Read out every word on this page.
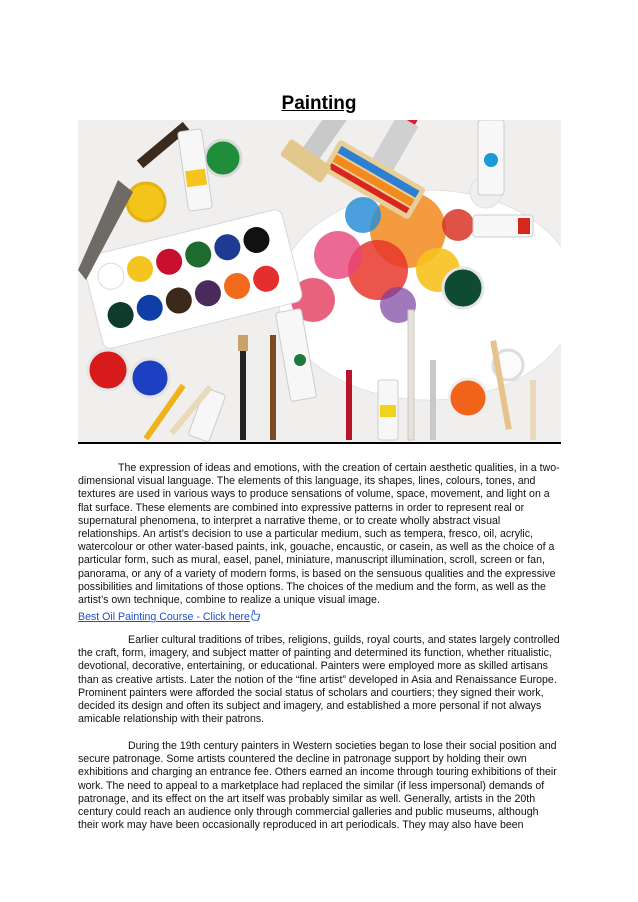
Painting

The expression of ideas and emotions, with the creation of certain aesthetic qualities, in a two-dimensional visual language. The elements of this language, its shapes, lines, colours, tones, and textures are used in various ways to produce sensations of volume, space, movement, and light on a flat surface. These elements are combined into expressive patterns in order to represent real or supernatural phenomena, to interpret a narrative theme, or to create wholly abstract visual relationships. An artist’s decision to use a particular medium, such as tempera, fresco, oil, acrylic, watercolour or other water-based paints, ink, gouache, encaustic, or casein, as well as the choice of a particular form, such as mural, easel, panel, miniature, manuscript illumination, scroll, screen or fan, panorama, or any of a variety of modern forms, is based on the sensuous qualities and the expressive possibilities and limitations of those options. The choices of the medium and the form, as well as the artist’s own technique, combine to realize a unique visual image.

Best Oil Painting Course - Click here

Earlier cultural traditions of tribes, religions, guilds, royal courts, and states largely controlled the craft, form, imagery, and subject matter of painting and determined its function, whether ritualistic, devotional, decorative, entertaining, or educational. Painters were employed more as skilled artisans than as creative artists. Later the notion of the “fine artist” developed in Asia and Renaissance Europe. Prominent painters were afforded the social status of scholars and courtiers; they signed their work, decided its design and often its subject and imagery, and established a more personal if not always amicable relationship with their patrons.

During the 19th century painters in Western societies began to lose their social position and secure patronage. Some artists countered the decline in patronage support by holding their own exhibitions and charging an entrance fee. Others earned an income through touring exhibitions of their work. The need to appeal to a marketplace had replaced the similar (if less impersonal) demands of patronage, and its effect on the art itself was probably similar as well. Generally, artists in the 20th century could reach an audience only through commercial galleries and public museums, although their work may have been occasionally reproduced in art periodicals. They may also have been
